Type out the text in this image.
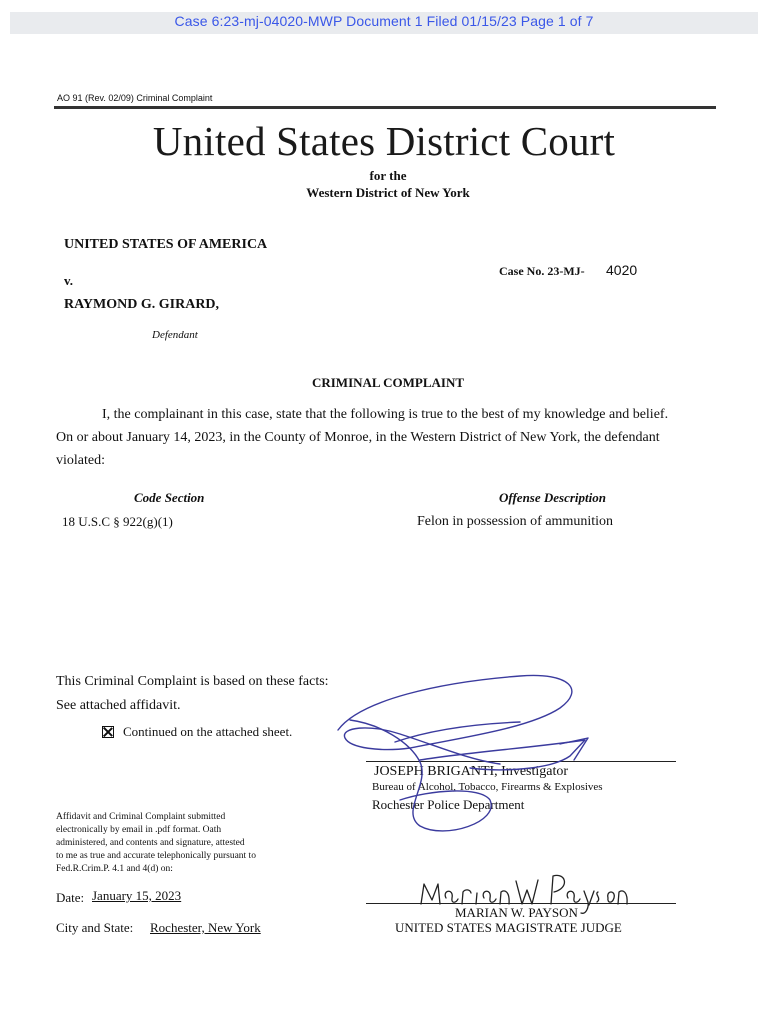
Case 6:23-mj-04020-MWP Document 1 Filed 01/15/23 Page 1 of 7
AO 91 (Rev. 02/09) Criminal Complaint
United States District Court
for the
Western District of New York
UNITED STATES OF AMERICA
v.
RAYMOND G. GIRARD,
Defendant
Case No. 23-MJ- 4020
CRIMINAL COMPLAINT
I, the complainant in this case, state that the following is true to the best of my knowledge and belief.
On or about January 14, 2023, in the County of Monroe, in the Western District of New York, the defendant
violated:
Code Section	Offense Description
18 U.S.C § 922(g)(1)	Felon in possession of ammunition
This Criminal Complaint is based on these facts:
See attached affidavit.
Continued on the attached sheet.
JOSEPH BRIGANTI, Investigator
Bureau of Alcohol, Tobacco, Firearms & Explosives
Rochester Police Department
Affidavit and Criminal Complaint submitted
electronically by email in .pdf format. Oath
administered, and contents and signature, attested
to me as true and accurate telephonically pursuant to
Fed.R.Crim.P. 4.1 and 4(d) on:
Date: January 15, 2023
City and State: Rochester, New York
MARIAN W. PAYSON
UNITED STATES MAGISTRATE JUDGE
